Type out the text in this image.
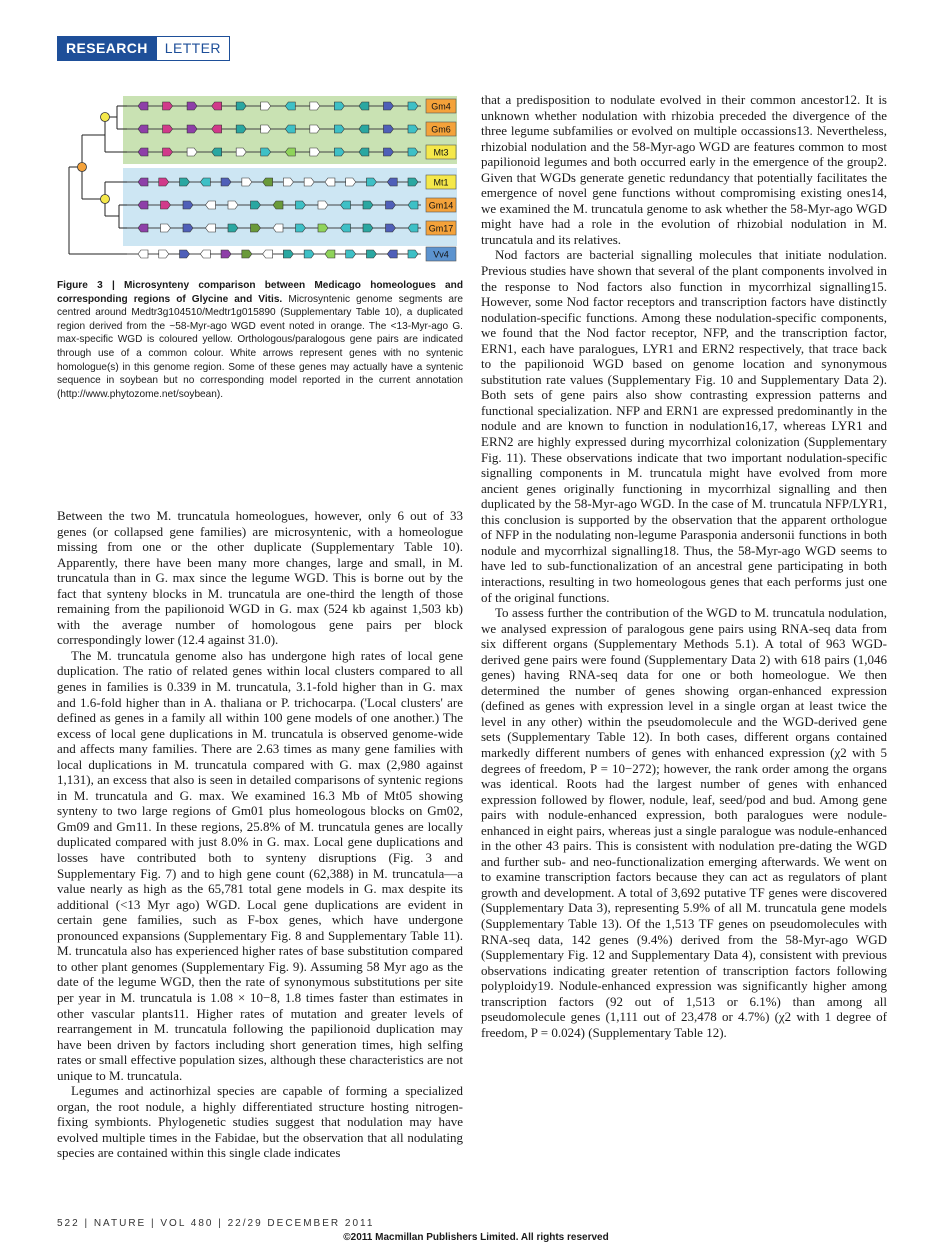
RESEARCH	LETTER
Gm4
Gm6
Mt3
Mt1
Gm14
Gm17
Vv4

Figure 3 | Microsynteny comparison between Medicago homeologues and corresponding regions of Glycine and Vitis. Microsyntenic genome segments are centred around Medtr3g104510/Medtr1g015890 (Supplementary Table 10), a duplicated region derived from the ~58-Myr-ago WGD event noted in orange. The <13-Myr-ago G. max-specific WGD is coloured yellow. Orthologous/paralogous gene pairs are indicated through use of a common colour. White arrows represent genes with no syntenic homologue(s) in this genome region. Some of these genes may actually have a syntenic sequence in soybean but no corresponding model reported in the current annotation (http://www.phytozome.net/soybean).

Between the two M. truncatula homeologues, however, only 6 out of 33 genes (or collapsed gene families) are microsyntenic, with a homeologue missing from one or the other duplicate (Supplementary Table 10). Apparently, there have been many more changes, large and small, in M. truncatula than in G. max since the legume WGD. This is borne out by the fact that synteny blocks in M. truncatula are one-third the length of those remaining from the papilionoid WGD in G. max (524 kb against 1,503 kb) with the average number of homologous gene pairs per block correspondingly lower (12.4 against 31.0).

The M. truncatula genome also has undergone high rates of local gene duplication. The ratio of related genes within local clusters compared to all genes in families is 0.339 in M. truncatula, 3.1-fold higher than in G. max and 1.6-fold higher than in A. thaliana or P. trichocarpa. ('Local clusters' are defined as genes in a family all within 100 gene models of one another.) The excess of local gene duplications in M. truncatula is observed genome-wide and affects many families. There are 2.63 times as many gene families with local duplications in M. truncatula compared with G. max (2,980 against 1,131), an excess that also is seen in detailed comparisons of syntenic regions in M. truncatula and G. max. We examined 16.3 Mb of Mt05 showing synteny to two large regions of Gm01 plus homeologous blocks on Gm02, Gm09 and Gm11. In these regions, 25.8% of M. truncatula genes are locally duplicated compared with just 8.0% in G. max. Local gene duplications and losses have contributed both to synteny disruptions (Fig. 3 and Supplementary Fig. 7) and to high gene count (62,388) in M. truncatula—a value nearly as high as the 65,781 total gene models in G. max despite its additional (<13 Myr ago) WGD. Local gene duplications are evident in certain gene families, such as F-box genes, which have undergone pronounced expansions (Supplementary Fig. 8 and Supplementary Table 11). M. truncatula also has experienced higher rates of base substitution compared to other plant genomes (Supplementary Fig. 9). Assuming 58 Myr ago as the date of the legume WGD, then the rate of synonymous substitutions per site per year in M. truncatula is 1.08 × 10−8, 1.8 times faster than estimates in other vascular plants11. Higher rates of mutation and greater levels of rearrangement in M. truncatula following the papilionoid duplication may have been driven by factors including short generation times, high selfing rates or small effective population sizes, although these characteristics are not unique to M. truncatula.

Legumes and actinorhizal species are capable of forming a specialized organ, the root nodule, a highly differentiated structure hosting nitrogen-fixing symbionts. Phylogenetic studies suggest that nodulation may have evolved multiple times in the Fabidae, but the observation that all nodulating species are contained within this single clade indicates

that a predisposition to nodulate evolved in their common ancestor12. It is unknown whether nodulation with rhizobia preceded the divergence of the three legume subfamilies or evolved on multiple occassions13. Nevertheless, rhizobial nodulation and the 58-Myr-ago WGD are features common to most papilionoid legumes and both occurred early in the emergence of the group2. Given that WGDs generate genetic redundancy that potentially facilitates the emergence of novel gene functions without compromising existing ones14, we examined the M. truncatula genome to ask whether the 58-Myr-ago WGD might have had a role in the evolution of rhizobial nodulation in M. truncatula and its relatives.

Nod factors are bacterial signalling molecules that initiate nodulation. Previous studies have shown that several of the plant components involved in the response to Nod factors also function in mycorrhizal signalling15. However, some Nod factor receptors and transcription factors have distinctly nodulation-specific functions. Among these nodulation-specific components, we found that the Nod factor receptor, NFP, and the transcription factor, ERN1, each have paralogues, LYR1 and ERN2 respectively, that trace back to the papilionoid WGD based on genome location and synonymous substitution rate values (Supplementary Fig. 10 and Supplementary Data 2). Both sets of gene pairs also show contrasting expression patterns and functional specialization. NFP and ERN1 are expressed predominantly in the nodule and are known to function in nodulation16,17, whereas LYR1 and ERN2 are highly expressed during mycorrhizal colonization (Supplementary Fig. 11). These observations indicate that two important nodulation-specific signalling components in M. truncatula might have evolved from more ancient genes originally functioning in mycorrhizal signalling and then duplicated by the 58-Myr-ago WGD. In the case of M. truncatula NFP/LYR1, this conclusion is supported by the observation that the apparent orthologue of NFP in the nodulating non-legume Parasponia andersonii functions in both nodule and mycorrhizal signalling18. Thus, the 58-Myr-ago WGD seems to have led to sub-functionalization of an ancestral gene participating in both interactions, resulting in two homeologous genes that each performs just one of the original functions.

To assess further the contribution of the WGD to M. truncatula nodulation, we analysed expression of paralogous gene pairs using RNA-seq data from six different organs (Supplementary Methods 5.1). A total of 963 WGD-derived gene pairs were found (Supplementary Data 2) with 618 pairs (1,046 genes) having RNA-seq data for one or both homeologue. We then determined the number of genes showing organ-enhanced expression (defined as genes with expression level in a single organ at least twice the level in any other) within the pseudomolecule and the WGD-derived gene sets (Supplementary Table 12). In both cases, different organs contained markedly different numbers of genes with enhanced expression (χ2 with 5 degrees of freedom, P = 10−272); however, the rank order among the organs was identical. Roots had the largest number of genes with enhanced expression followed by flower, nodule, leaf, seed/pod and bud. Among gene pairs with nodule-enhanced expression, both paralogues were nodule-enhanced in eight pairs, whereas just a single paralogue was nodule-enhanced in the other 43 pairs. This is consistent with nodulation pre-dating the WGD and further sub- and neo-functionalization emerging afterwards. We went on to examine transcription factors because they can act as regulators of plant growth and development. A total of 3,692 putative TF genes were discovered (Supplementary Data 3), representing 5.9% of all M. truncatula gene models (Supplementary Table 13). Of the 1,513 TF genes on pseudomolecules with RNA-seq data, 142 genes (9.4%) derived from the 58-Myr-ago WGD (Supplementary Fig. 12 and Supplementary Data 4), consistent with previous observations indicating greater retention of transcription factors following polyploidy19. Nodule-enhanced expression was significantly higher among transcription factors (92 out of 1,513 or 6.1%) than among all pseudomolecule genes (1,111 out of 23,478 or 4.7%) (χ2 with 1 degree of freedom, P = 0.024) (Supplementary Table 12).

522 | NATURE | VOL 480 | 22/29 DECEMBER 2011
©2011 Macmillan Publishers Limited. All rights reserved
